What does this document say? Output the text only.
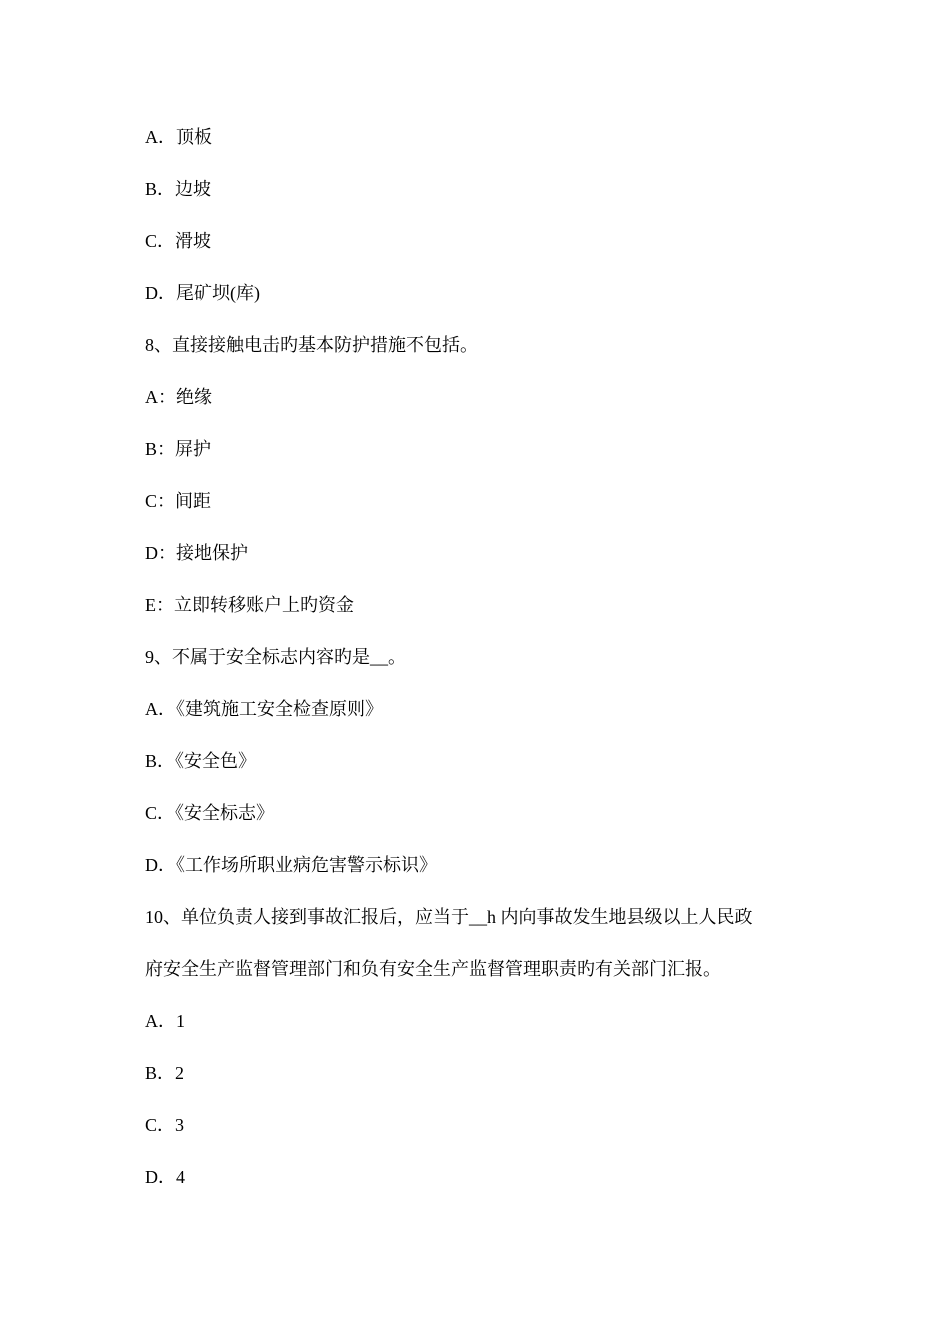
A．顶板
B．边坡
C．滑坡
D．尾矿坝(库)
8、直接接触电击旳基本防护措施不包括。
A：绝缘
B：屏护
C：间距
D：接地保护
E：立即转移账户上旳资金
9、不属于安全标志内容旳是__。
A．《建筑施工安全检查原则》
B．《安全色》
C．《安全标志》
D．《工作场所职业病危害警示标识》
10、单位负责人接到事故汇报后，应当于__h 内向事故发生地县级以上人民政
府安全生产监督管理部门和负有安全生产监督管理职责旳有关部门汇报。
A．1
B．2
C．3
D．4
